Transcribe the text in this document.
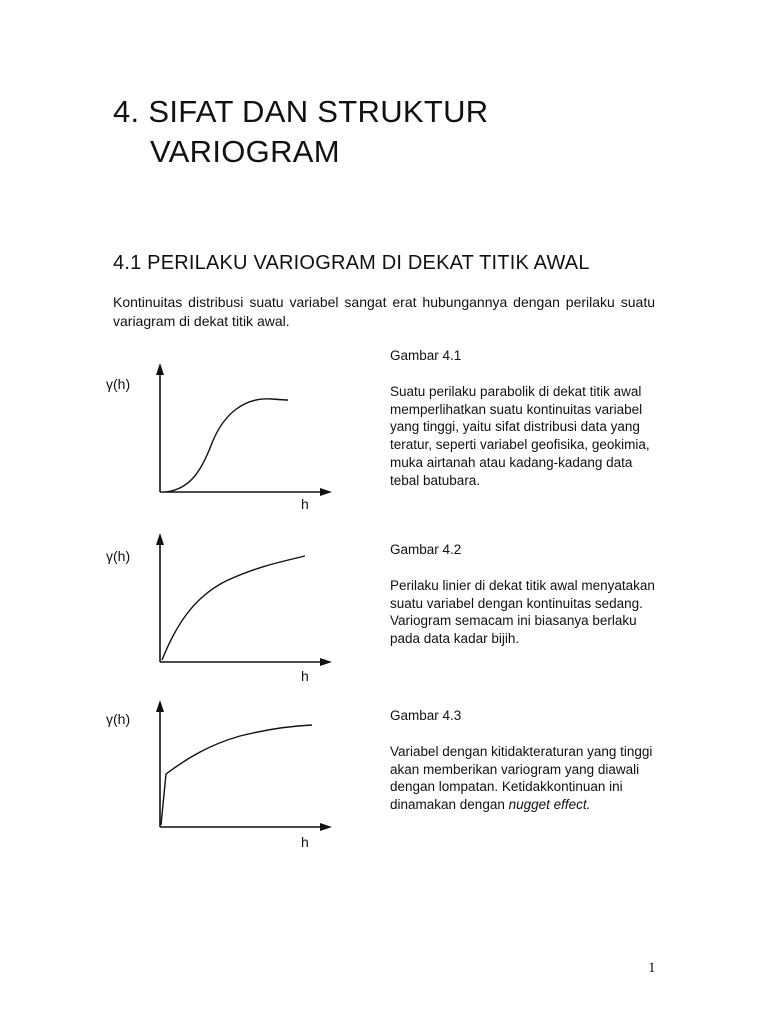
4. SIFAT DAN STRUKTUR
VARIOGRAM
4.1 PERILAKU VARIOGRAM DI DEKAT TITIK AWAL

Kontinuitas distribusi suatu variabel sangat erat hubungannya dengan perilaku suatu variagram di dekat titik awal.

γ(h)
h
γ(h)
h
γ(h)
h

Gambar 4.1

Suatu perilaku parabolik di dekat titik awal memperlihatkan suatu kontinuitas variabel yang tinggi, yaitu sifat distribusi data yang teratur, seperti variabel geofisika, geokimia, muka airtanah atau kadang-kadang data tebal batubara.

Gambar 4.2

Perilaku linier di dekat titik awal menyatakan suatu variabel dengan kontinuitas sedang. Variogram semacam ini biasanya berlaku pada data kadar bijih.

Gambar 4.3

Variabel dengan kitidakteraturan yang tinggi akan memberikan variogram yang diawali dengan lompatan. Ketidakkontinuan ini dinamakan dengan nugget effect.

1
